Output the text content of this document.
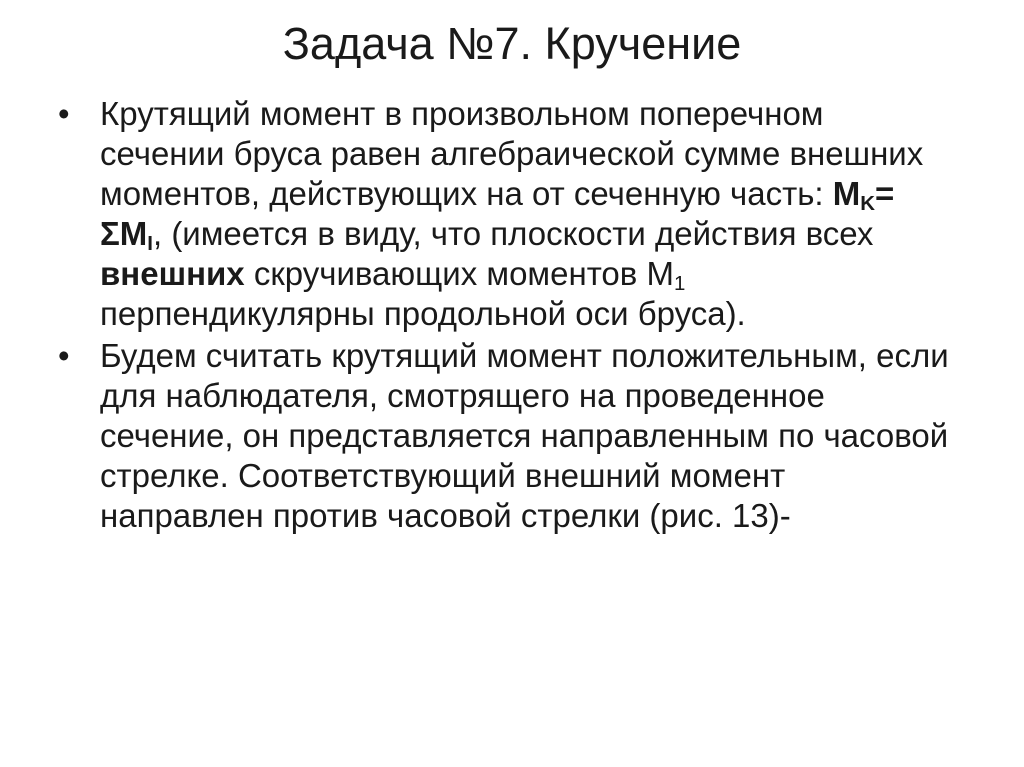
Задача №7. Кручение
• Крутящий момент в произвольном поперечном сечении бруса равен алгебраической сумме внешних моментов, действующих на от сеченную часть: $M_K= \Sigma M_I$, (имеется в виду, что плоскости действия всех внешних скручивающих моментов $M_1$ перпендикулярны продольной оси бруса).
• Будем считать крутящий момент положительным, если для наблюдателя, смотрящего на проведенное сечение, он представляется направленным по часовой стрелке. Соответствующий внешний момент направлен против часовой стрелки (рис. 13)-
